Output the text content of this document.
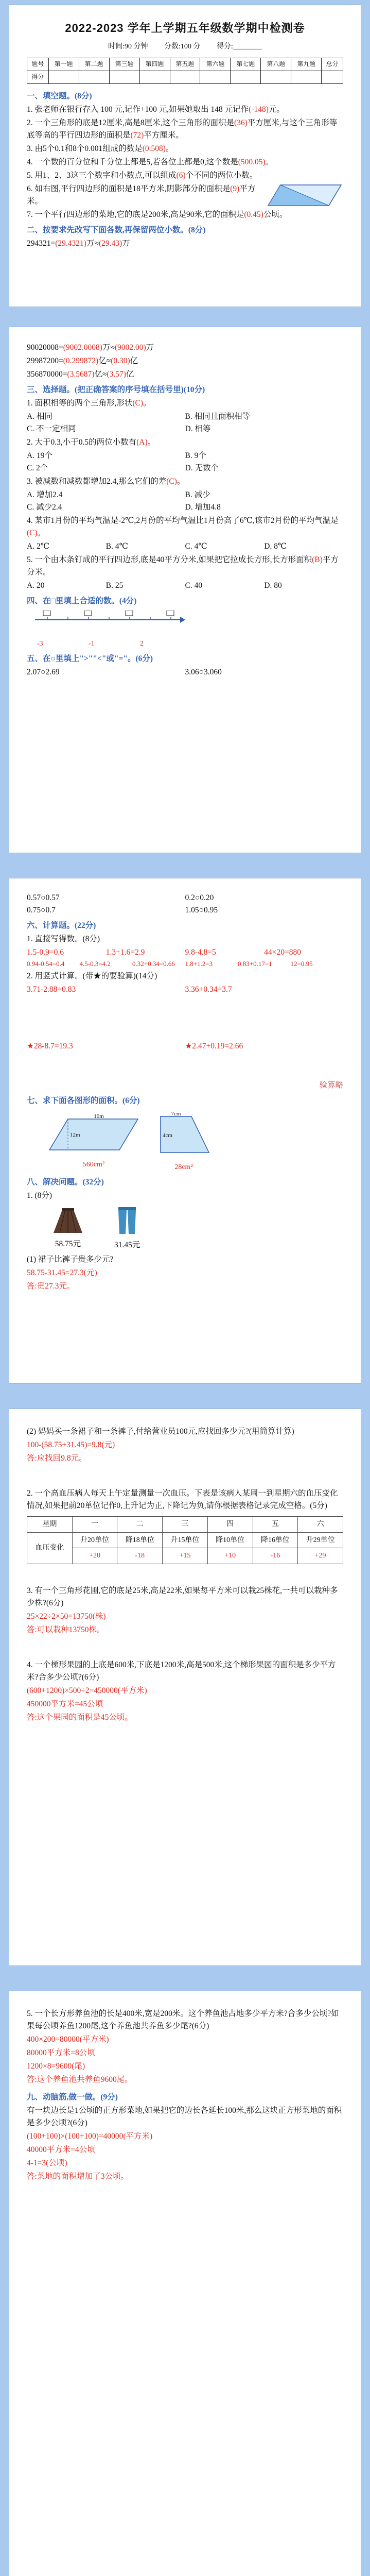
2022-2023 学年上学期五年级数学期中检测卷
时间:90 分钟 分数:100 分 得分:________
题号	第一题	第二题	第三题	第四题	第五题	第六题	第七题	第八题	第九题	总分
得分										
一、填空题。(8分)
1. 张老师在银行存入 100 元,记作+100 元,如果她取出 148 元记作(-148)元。
2. 一个三角形的底是12厘米,高是8厘米,这个三角形的面积是(36)平方厘米,与这个三角形等底等高的平行四边形的面积是(72)平方厘米。
3. 由5个0.1和8个0.001组成的数是(0.508)。
4. 一个数的百分位和千分位上都是5,若各位上都是0,这个数是(500.05)。
5. 用1、2、3这三个数字和小数点,可以组成(6)个不同的两位小数。
6. 如右图,平行四边形的面积是18平方米,阴影部分的面积是(9)平方米。
7. 一个平行四边形的菜地,它的底是200米,高是90米,它的面积是(0.45)公顷。
二、按要求先改写下面各数,再保留两位小数。(8分)
294321=(29.4321)万≈(29.43)万
90020008=(9002.0008)万≈(9002.00)万
29987200=(0.299872)亿≈(0.30)亿
356870000=(3.5687)亿≈(3.57)亿
三、选择题。(把正确答案的序号填在括号里)(10分)
1. 面积相等的两个三角形,形状(C)。
A. 相同	B. 相同且面积相等
C. 不一定相同	D. 相等
2. 大于0.3,小于0.5的两位小数有(A)。
A. 19个	B. 9个
C. 2个	D. 无数个
3. 被减数和减数都增加2.4,那么它们的差(C)。
A. 增加2.4	B. 减少
C. 减少2.4	D. 增加4.8
4. 某市1月份的平均气温是-2℃,2月份的平均气温比1月份高了6℃,该市2月份的平均气温是(C)。
A. 2℃	B. 4℃	C. 4℃	D. 8℃
5. 一个由木条钉成的平行四边形,底是40平方分米,如果把它拉成长方形,长方形面积(B)平方分米。
A. 20	B. 25	C. 40	D. 80
四、在□里填上合适的数。(4分)
-3	-1	2
五、在○里填上">""<"或"="。(6分)
2.07○2.69	3.06○3.060
0.57○0.57	0.2○0.20
0.75○0.7	1.05○0.95
六、计算题。(22分)
1. 直接写得数。(8分)
1.5-0.9=0.6	1.3+1.6=2.9	9.8-4.8=5	44×20=880
0.94-0.54=0.4	4.5-0.3=4.2	0.32+0.34=0.66	1.8+1.2=3	0.83+0.17=1	12=0.95
2. 用竖式计算。(带★的要验算)(14分)
3.71-2.88=0.83	3.36+0.34=3.7
★28-8.7=19.3	★2.47+0.19=2.66
验算略
七、求下面各图形的面积。(6分)
10m
12m
560cm²
7cm
4cm
28cm²
八、解决问题。(32分)
1. (8分)
58.75元	31.45元
(1) 裙子比裤子贵多少元?
58.75-31.45=27.3(元)
答:贵27.3元。
(2) 妈妈买一条裙子和一条裤子,付给营业员100元,应找回多少元?(用简算计算)
100-(58.75+31.45)=9.8(元)
答:应找回9.8元。
2. 一个高血压病人每天上午定量测量一次血压。下表是该病人某周一到星期六的血压变化情况,如果把前20单位记作0,上升记为正,下降记为负,请你根据表格记录完成空格。(5分)
星期	一	二	三	四	五	六
血压变化	升20单位	降18单位	升15单位	降10单位	降16单位	升29单位
	+20	-18	+15	+10	-16	+29
3. 有一个三角形花圃,它的底是25米,高是22米,如果每平方米可以栽25株花,一共可以栽种多少株?(6分)
25×22÷2×50=13750(株)
答:可以栽种13750株。
4. 一个梯形果园的上底是600米,下底是1200米,高是500米,这个梯形果园的面积是多少平方米?合多少公顷?(6分)
(600+1200)×500÷2=450000(平方米)
450000平方米=45公顷
答:这个果园的面积是45公顷。
5. 一个长方形养鱼池的长是400米,宽是200米。这个养鱼池占地多少平方米?合多少公顷?如果每公顷养鱼1200尾,这个养鱼池共养鱼多少尾?(6分)
400×200=80000(平方米)
80000平方米=8公顷
1200×8=9600(尾)
答:这个养鱼池共养鱼9600尾。
九、动脑筋,做一做。(9分)
有一块边长是1公顷的正方形菜地,如果把它的边长各延长100米,那么这块正方形菜地的面积是多少公顷?(6分)
(100+100)×(100+100)=40000(平方米)
40000平方米=4公顷
4-1=3(公顷)
答:菜地的面积增加了3公顷。
